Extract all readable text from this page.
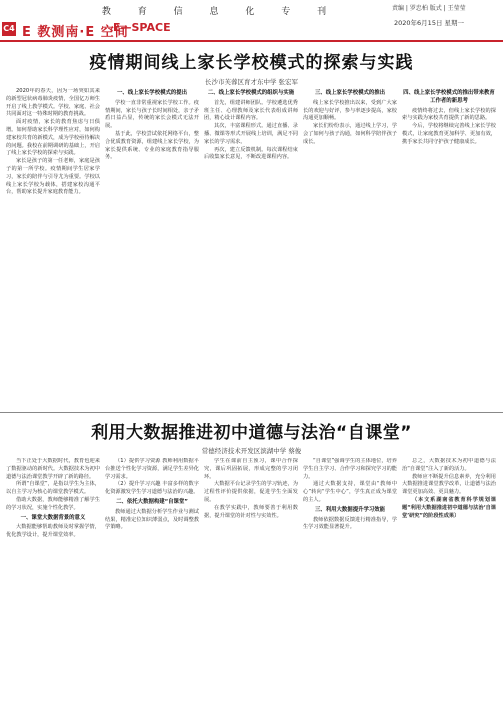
教 育 信 息 化 专 刊
C4 E 教测南·E 空间
E—SPACE
责编 | 罗忠柏 版式 | 王莹莹
2020年6月15日 星期一
疫情期间线上家长学校模式的探索与实践
长沙市芙蓉区育才东中学 张宏军

2020年的春天，因为一场突如其来的新型冠状病毒肺炎疫情，全国亿万师生开启了线上教学模式。学校、家庭、社会共同面对这一特殊时期的教育挑战。

面对疫情，家长的教育焦虑与日俱增。如何帮助家长科学理性应对，如何构建家校共育的新模式，成为学校亟待解决的问题。我校在前期调研的基础上，开启了线上家长学校的探索与实践。

家长是孩子的第一任老师，家庭是孩子的第一所学校。疫情期间学生居家学习，家长的陪伴与引导尤为重要。学校以线上家长学校为载体，搭建家校沟通平台，帮助家长提升家庭教育能力。

一、线上家长学校模式的提出

学校一直非常重视家长学校工作。疫情期间，家长与孩子长时间相处，亲子矛盾日益凸显，传统的家长会模式无法开展。

基于此，学校尝试依托网络平台，整合优质教育资源，组建线上家长学校，为家长提供系统、专业的家庭教育指导服务。

二、线上家长学校模式的组织与实施

首先，组建讲师团队。学校遴选优秀班主任、心理教师及家长代表组成讲师团，精心设计课程内容。

其次，丰富课程形式。通过直播、录播、微课等形式开展线上培训，满足不同家长的学习需求。

再次，建立反馈机制。每次课程结束后收集家长意见，不断改进课程内容。

三、线上家长学校模式的推出

线上家长学校推出以来，受到广大家长的欢迎与好评，参与率逐步提高，家校沟通更加顺畅。

家长们纷纷表示，通过线上学习，学会了如何与孩子沟通，如何科学陪伴孩子成长。

四、线上家长学校模式的推出带来教育工作者的新思考

疫情终将过去，但线上家长学校的探索与实践为家校共育提供了新的思路。

今后，学校将继续完善线上家长学校模式，让家庭教育更加科学、更加有效，携手家长共同守护孩子健康成长。

利用大数据推进初中道德与法治“自课堂”
常德经济技术开发区滨湖中学 蔡俊

当下正处于大数据时代，教育也迎来了数据驱动的新时代。大数据技术为初中道德与法治课堂教学开辟了新的路径。

所谓“自课堂”，是指以学生为主体，以自主学习为核心的课堂教学模式。

借助大数据，教师能够精准了解学生的学习状况，实施个性化教学。

一、课堂大数据背景的意义

大数据能够帮助教师及时掌握学情，优化教学设计，提升课堂效率。

（1）提供学习资源 教师利用数据平台推送个性化学习资源，满足学生差异化学习需求。

（2）提升学习兴趣 丰富多样的数字化资源激发学生学习道德与法治的兴趣。

二、依托大数据构建“自课堂”

教师通过大数据分析学生作业与测试结果，精准定位知识薄弱点，及时调整教学策略。

学生在课前自主预习，课中合作探究，课后巩固拓展，形成完整的学习闭环。

大数据平台记录学生的学习轨迹，为过程性评价提供依据，促进学生全面发展。

在教学实践中，教师要善于利用数据，提升课堂的针对性与实效性。

“自课堂”强调学生的主体地位，培养学生自主学习、合作学习和探究学习的能力。

通过大数据支持，课堂由“教师中心”转向“学生中心”，学生真正成为课堂的主人。

三、利用大数据提升学习效能

教师依据数据反馈进行精准指导，学生学习效能显著提升。

总之，大数据技术为初中道德与法治“自课堂”注入了新的活力。

教师应不断提升信息素养，充分利用大数据推进课堂教学改革，让道德与法治课堂更加高效、更具魅力。

（本文系湖南省教育科学规划课题“利用大数据推进初中道德与法治‘自课堂’研究”的阶段性成果）
